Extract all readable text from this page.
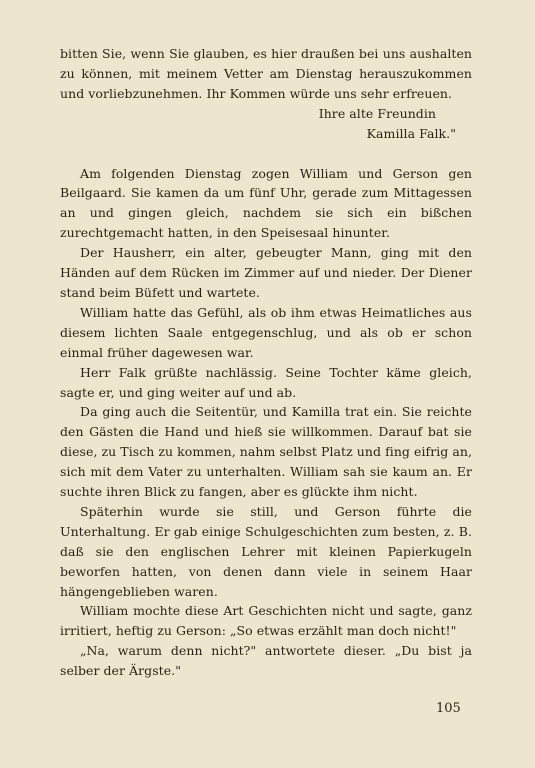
bitten Sie, wenn Sie glauben, es hier draußen bei uns aushalten zu können, mit meinem Vetter am Dienstag herauszukommen und vorliebzunehmen. Ihr Kommen würde uns sehr erfreuen.

Ihre alte Freundin

Kamilla Falk."

Am folgenden Dienstag zogen William und Gerson gen Beilgaard. Sie kamen da um fünf Uhr, gerade zum Mittagessen an und gingen gleich, nachdem sie sich ein bißchen zurechtgemacht hatten, in den Speisesaal hinunter.

Der Hausherr, ein alter, gebeugter Mann, ging mit den Händen auf dem Rücken im Zimmer auf und nieder. Der Diener stand beim Büfett und wartete.

William hatte das Gefühl, als ob ihm etwas Heimatliches aus diesem lichten Saale entgegenschlug, und als ob er schon einmal früher dagewesen war.

Herr Falk grüßte nachlässig. Seine Tochter käme gleich, sagte er, und ging weiter auf und ab.

Da ging auch die Seitentür, und Kamilla trat ein. Sie reichte den Gästen die Hand und hieß sie willkommen. Darauf bat sie diese, zu Tisch zu kommen, nahm selbst Platz und fing eifrig an, sich mit dem Vater zu unterhalten. William sah sie kaum an. Er suchte ihren Blick zu fangen, aber es glückte ihm nicht.

Späterhin wurde sie still, und Gerson führte die Unterhaltung. Er gab einige Schulgeschichten zum besten, z. B. daß sie den englischen Lehrer mit kleinen Papierkugeln beworfen hatten, von denen dann viele in seinem Haar hängengeblieben waren.

William mochte diese Art Geschichten nicht und sagte, ganz irritiert, heftig zu Gerson: „So etwas erzählt man doch nicht!"

„Na, warum denn nicht?" antwortete dieser. „Du bist ja selber der Ärgste."

105
